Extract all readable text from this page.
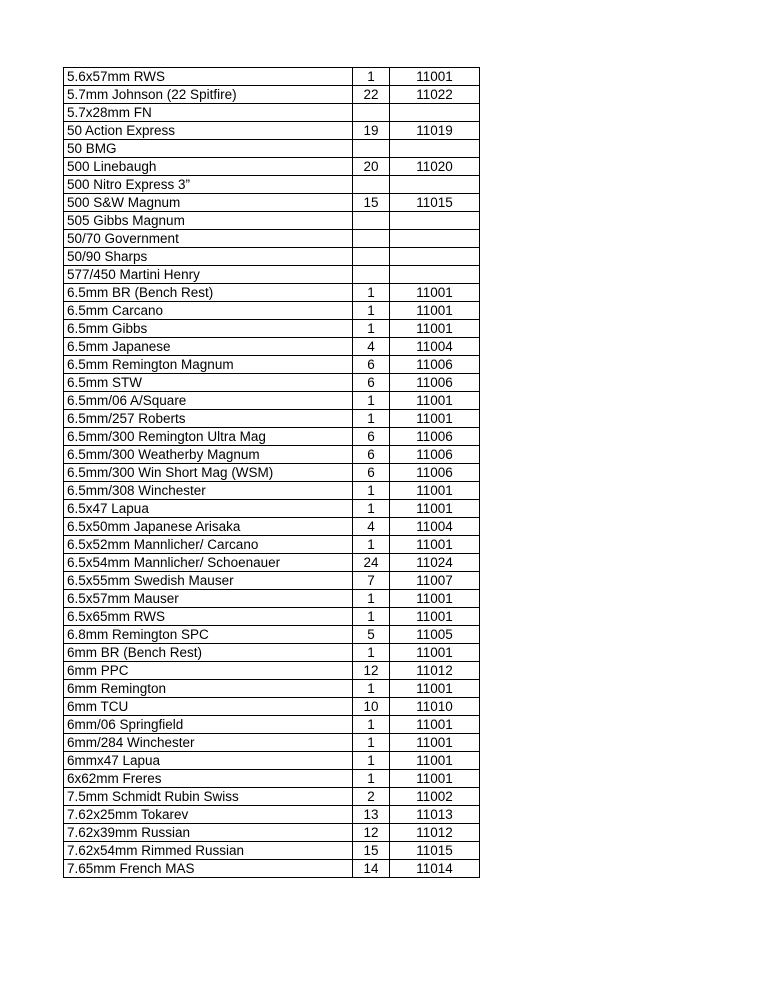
5.6x57mm RWS	1	11001
5.7mm Johnson (22 Spitfire)	22	11022
5.7x28mm FN		
50 Action Express	19	11019
50 BMG		
500 Linebaugh	20	11020
500 Nitro Express 3”		
500 S&W Magnum	15	11015
505 Gibbs Magnum		
50/70 Government		
50/90 Sharps		
577/450 Martini Henry		
6.5mm BR (Bench Rest)	1	11001
6.5mm Carcano	1	11001
6.5mm Gibbs	1	11001
6.5mm Japanese	4	11004
6.5mm Remington Magnum	6	11006
6.5mm STW	6	11006
6.5mm/06 A/Square	1	11001
6.5mm/257 Roberts	1	11001
6.5mm/300 Remington Ultra Mag	6	11006
6.5mm/300 Weatherby Magnum	6	11006
6.5mm/300 Win Short Mag (WSM)	6	11006
6.5mm/308 Winchester	1	11001
6.5x47 Lapua	1	11001
6.5x50mm Japanese Arisaka	4	11004
6.5x52mm Mannlicher/ Carcano	1	11001
6.5x54mm Mannlicher/ Schoenauer	24	11024
6.5x55mm Swedish Mauser	7	11007
6.5x57mm Mauser	1	11001
6.5x65mm RWS	1	11001
6.8mm Remington SPC	5	11005
6mm BR (Bench Rest)	1	11001
6mm PPC	12	11012
6mm Remington	1	11001
6mm TCU	10	11010
6mm/06 Springfield	1	11001
6mm/284 Winchester	1	11001
6mmx47 Lapua	1	11001
6x62mm Freres	1	11001
7.5mm Schmidt Rubin Swiss	2	11002
7.62x25mm Tokarev	13	11013
7.62x39mm Russian	12	11012
7.62x54mm Rimmed Russian	15	11015
7.65mm French MAS	14	11014
